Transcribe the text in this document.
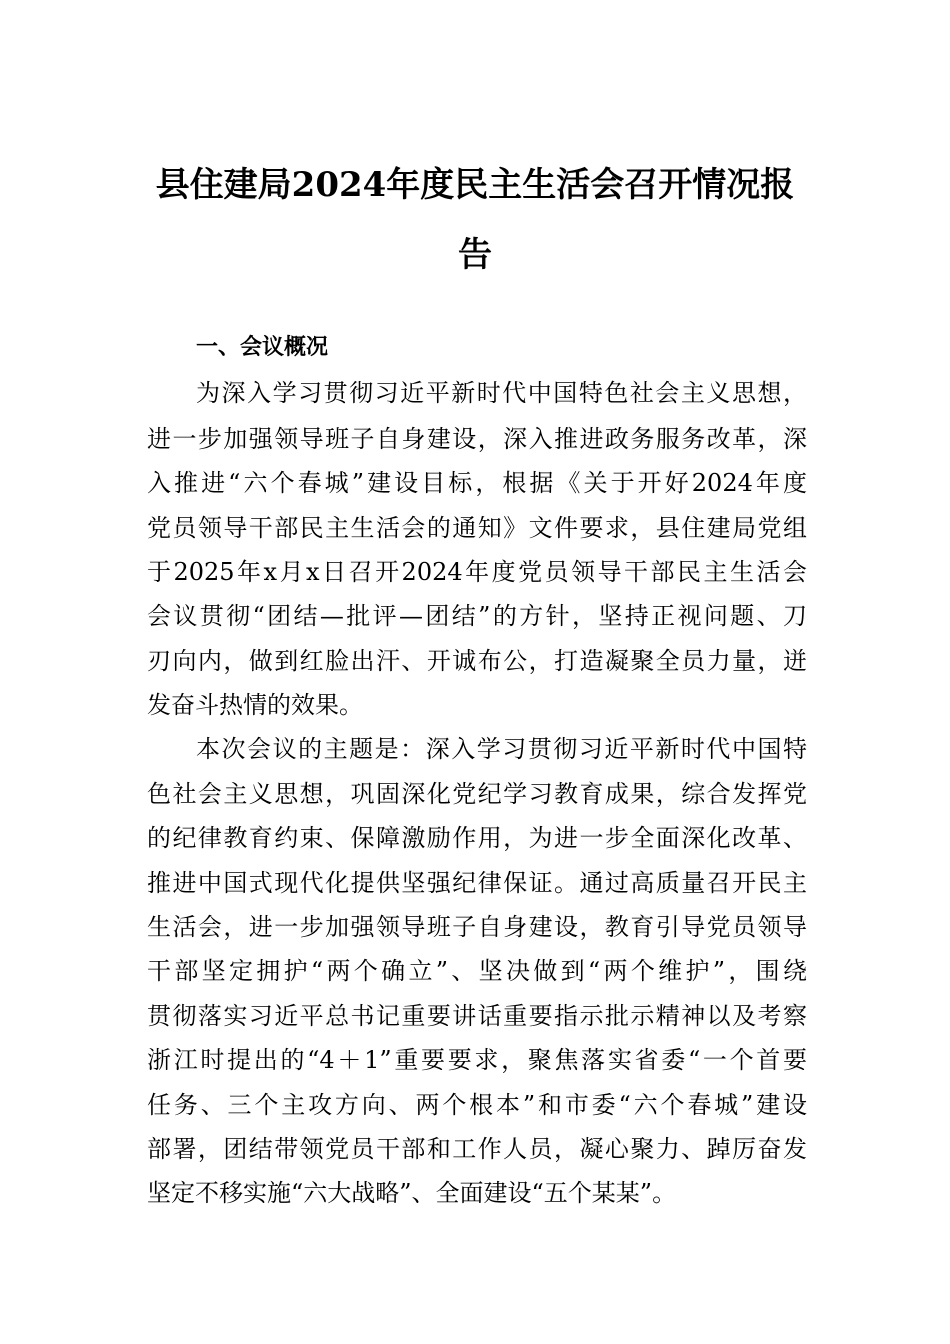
县住建局2024年度民主生活会召开情况报
告
一、会议概况

为深入学习贯彻习近平新时代中国特色社会主义思想，

进一步加强领导班子自身建设，深入推进政务服务改革，深

入推进“六个春城”建设目标，根据《关于开好2024年度

党员领导干部民主生活会的通知》文件要求，县住建局党组

于2025年x月x日召开2024年度党员领导干部民主生活会

会议贯彻“团结—批评—团结”的方针，坚持正视问题、刀

刃向内，做到红脸出汗、开诚布公，打造凝聚全员力量，迸

发奋斗热情的效果。

本次会议的主题是：深入学习贯彻习近平新时代中国特

色社会主义思想，巩固深化党纪学习教育成果，综合发挥党

的纪律教育约束、保障激励作用，为进一步全面深化改革、

推进中国式现代化提供坚强纪律保证。通过高质量召开民主

生活会，进一步加强领导班子自身建设，教育引导党员领导

干部坚定拥护“两个确立”、坚决做到“两个维护”，围绕

贯彻落实习近平总书记重要讲话重要指示批示精神以及考察

浙江时提出的“4＋1”重要要求，聚焦落实省委“一个首要

任务、三个主攻方向、两个根本”和市委“六个春城”建设

部署，团结带领党员干部和工作人员，凝心聚力、踔厉奋发

坚定不移实施“六大战略”、全面建设“五个某某”。
